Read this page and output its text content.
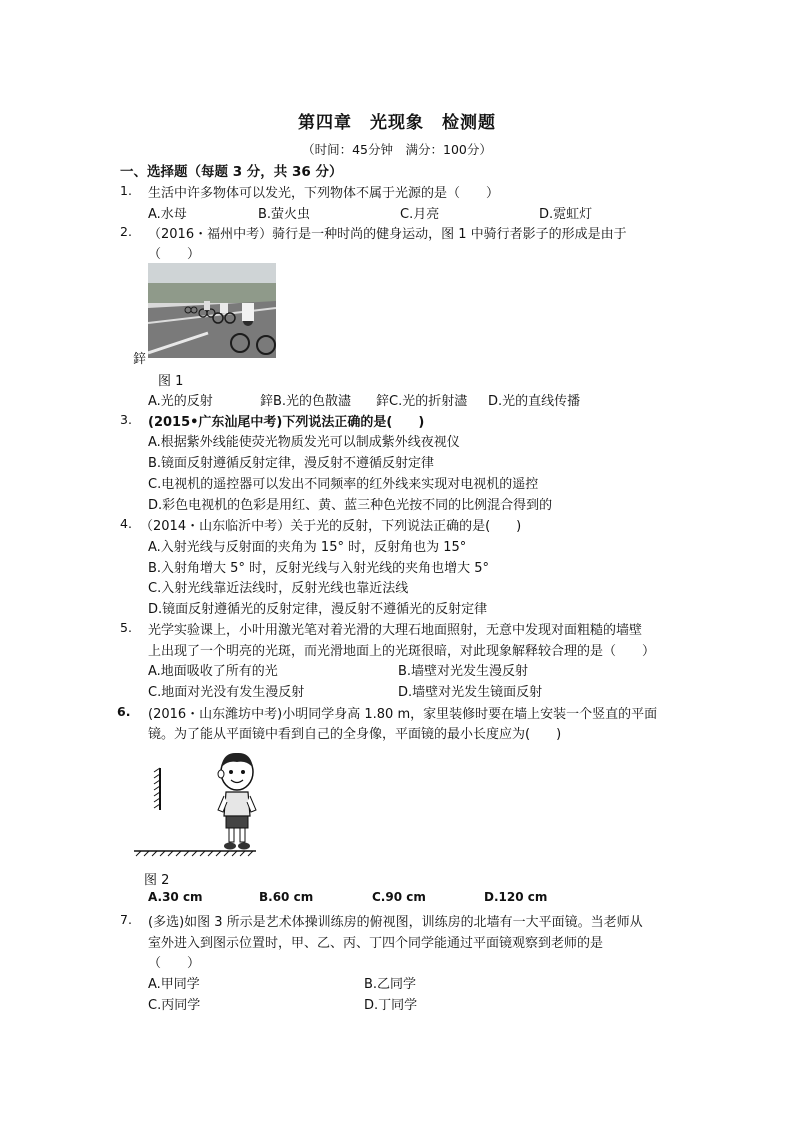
第四章　光现象　检测题
（时间：45分钟　满分：100分）
一、选择题（每题 3 分，共 36 分）
1. 生活中许多物体可以发光，下列物体不属于光源的是（　　）
A.水母	B.萤火虫	C.月亮	D.霓虹灯
2. （2016・福州中考）骑行是一种时尚的健身运动，图 1 中骑行者影子的形成是由于
（　　）
鋅
图 1
A.光的反射	鋅B.光的色散濜 鋅C.光的折射濜 D.光的直线传播
3. (2015•广东汕尾中考)下列说法正确的是(　　)
A.根据紫外线能使荧光物质发光可以制成紫外线夜视仪
B.镜面反射遵循反射定律，漫反射不遵循反射定律
C.电视机的遥控器可以发出不同频率的红外线来实现对电视机的遥控
D.彩色电视机的色彩是用红、黄、蓝三种色光按不同的比例混合得到的
4. （2014・山东临沂中考）关于光的反射，下列说法正确的是(　　)
A.入射光线与反射面的夹角为 15° 时，反射角也为 15°
B.入射角增大 5° 时，反射光线与入射光线的夹角也增大 5°
C.入射光线靠近法线时，反射光线也靠近法线
D.镜面反射遵循光的反射定律，漫反射不遵循光的反射定律
5. 光学实验课上，小叶用激光笔对着光滑的大理石地面照射，无意中发现对面粗糙的墙壁
上出现了一个明亮的光斑，而光滑地面上的光斑很暗，对此现象解释较合理的是（　　）
A.地面吸收了所有的光	B.墙壁对光发生漫反射
C.地面对光没有发生漫反射	D.墙壁对光发生镜面反射
6. (2016・山东潍坊中考)小明同学身高 1.80 m，家里装修时要在墙上安装一个竖直的平面
镜。为了能从平面镜中看到自己的全身像，平面镜的最小长度应为(　　)
图 2
A.30 cm	B.60 cm	C.90 cm	D.120 cm
7. (多选)如图 3 所示是艺术体操训练房的俯视图，训练房的北墙有一大平面镜。当老师从
室外进入到图示位置时，甲、乙、丙、丁四个同学能通过平面镜观察到老师的是
（　　）
A.甲同学	B.乙同学
C.丙同学	D.丁同学
